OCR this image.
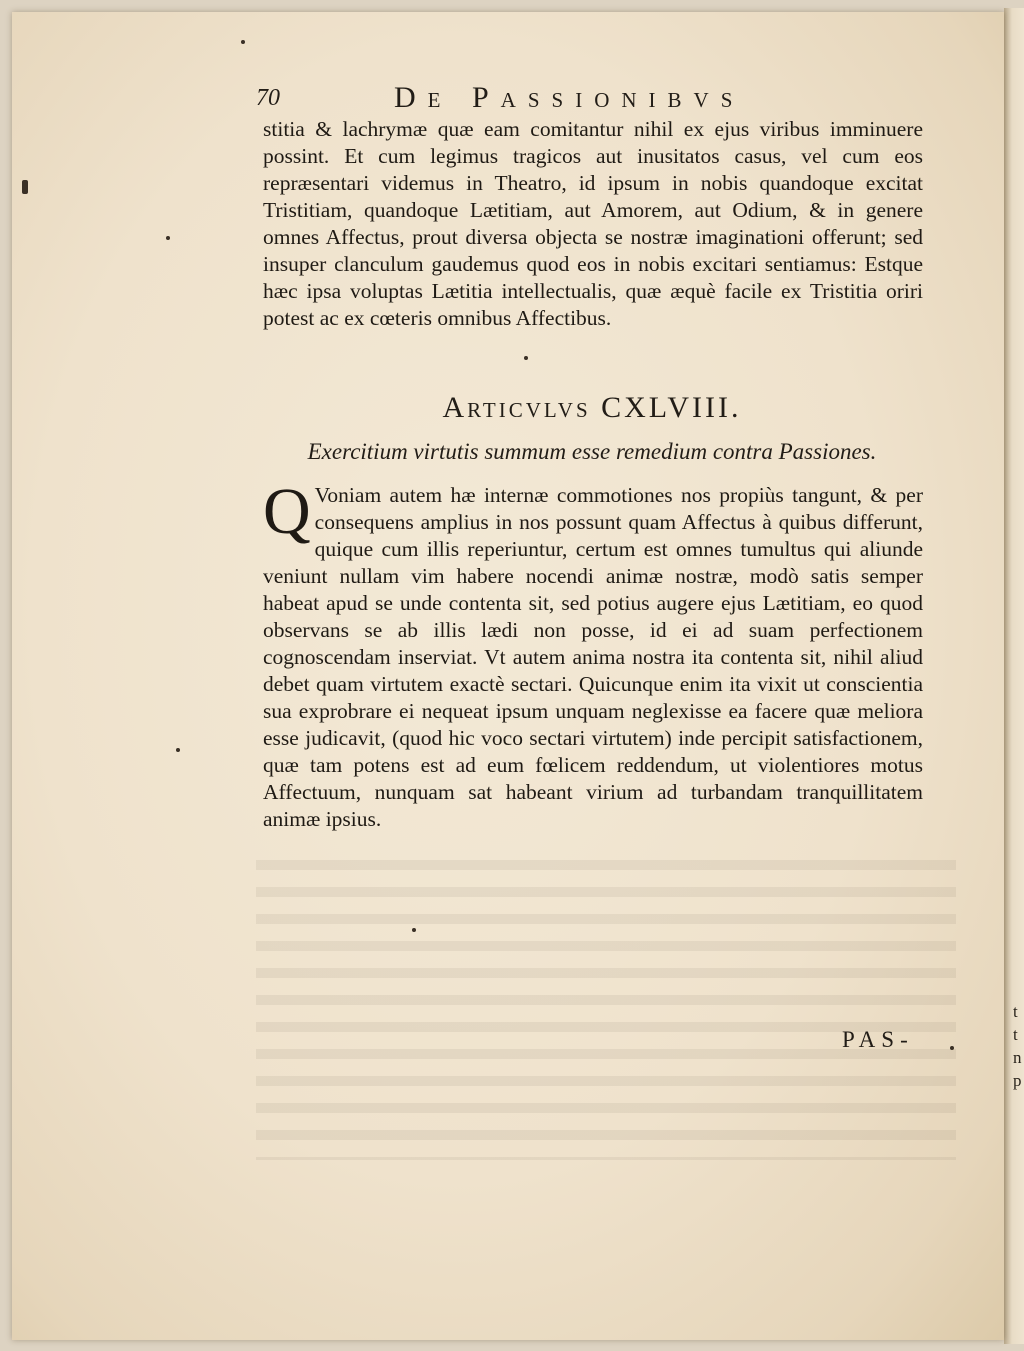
t
t
n
p
70	De Passionibvs

stitia & lachrymæ quæ eam comitantur nihil ex ejus viribus imminuere possint. Et cum legimus tragicos aut inusitatos casus, vel cum eos repræsentari videmus in Theatro, id ipsum in nobis quandoque excitat Tristitiam, quandoque Lætitiam, aut Amorem, aut Odium, & in genere omnes Affectus, prout diversa objecta se nostræ imaginationi offerunt; sed insuper clanculum gaudemus quod eos in nobis excitari sentiamus: Estque hæc ipsa voluptas Lætitia intellectualis, quæ æquè facile ex Tristitia oriri potest ac ex cœteris omnibus Affectibus.

Articvlvs CXLVIII.
Exercitium virtutis summum esse remedium contra Passiones.

Q Voniam autem hæ internæ commotiones nos propiùs tangunt, & per consequens amplius in nos possunt quam Affectus à quibus differunt, quique cum illis reperiuntur, certum est omnes tumultus qui aliunde veniunt nullam vim habere nocendi animæ nostræ, modò satis semper habeat apud se unde contenta sit, sed potius augere ejus Lætitiam, eo quod observans se ab illis lædi non posse, id ei ad suam perfectionem cognoscendam inserviat. Vt autem anima nostra ita contenta sit, nihil aliud debet quam virtutem exactè sectari. Quicunque enim ita vixit ut conscientia sua exprobrare ei nequeat ipsum unquam neglexisse ea facere quæ meliora esse judicavit, (quod hic voco sectari virtutem) inde percipit satisfactionem, quæ tam potens est ad eum fœlicem reddendum, ut violentiores motus Affectuum, nunquam sat habeant virium ad turbandam tranquillitatem animæ ipsius.

PAS-
